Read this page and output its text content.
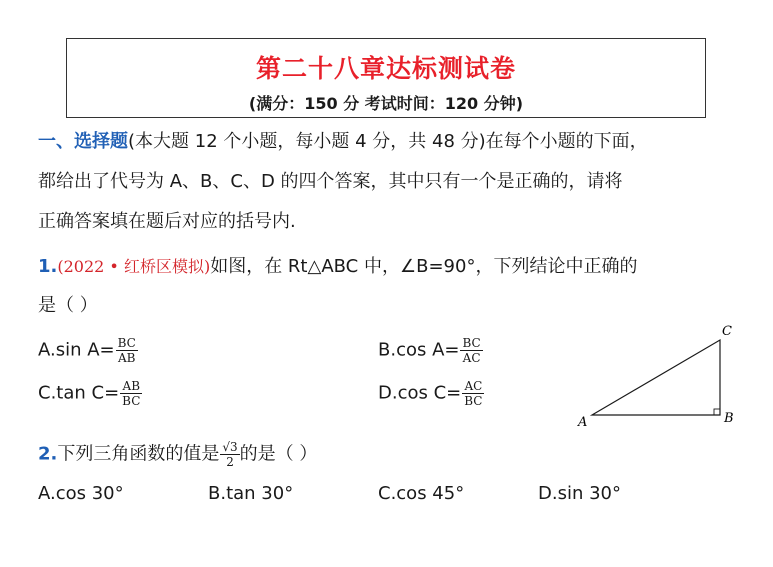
第二十八章达标测试卷
(满分：150 分 考试时间：120 分钟)
一、选择题(本大题 12 个小题，每小题 4 分，共 48 分)在每个小题的下面，
都给出了代号为 A、B、C、D 的四个答案，其中只有一个是正确的，请将
正确答案填在题后对应的括号内.
1.(2022 • 红桥区模拟)如图，在 Rt△ABC 中，∠B=90°，下列结论中正确的
是（ ）
A.sin $A= \frac{BC}{AB}$	B.cos $A= \frac{BC}{AC}$
C.tan $C= \frac{AB}{BC}$	D.cos $C= \frac{AC}{BC}$
A	B
C
2.下列三角函数的值是 $\frac{√3}{2}$ 的是（ ）
A.cos 30°	B.tan 30°	C.cos 45°	D.sin 30°
